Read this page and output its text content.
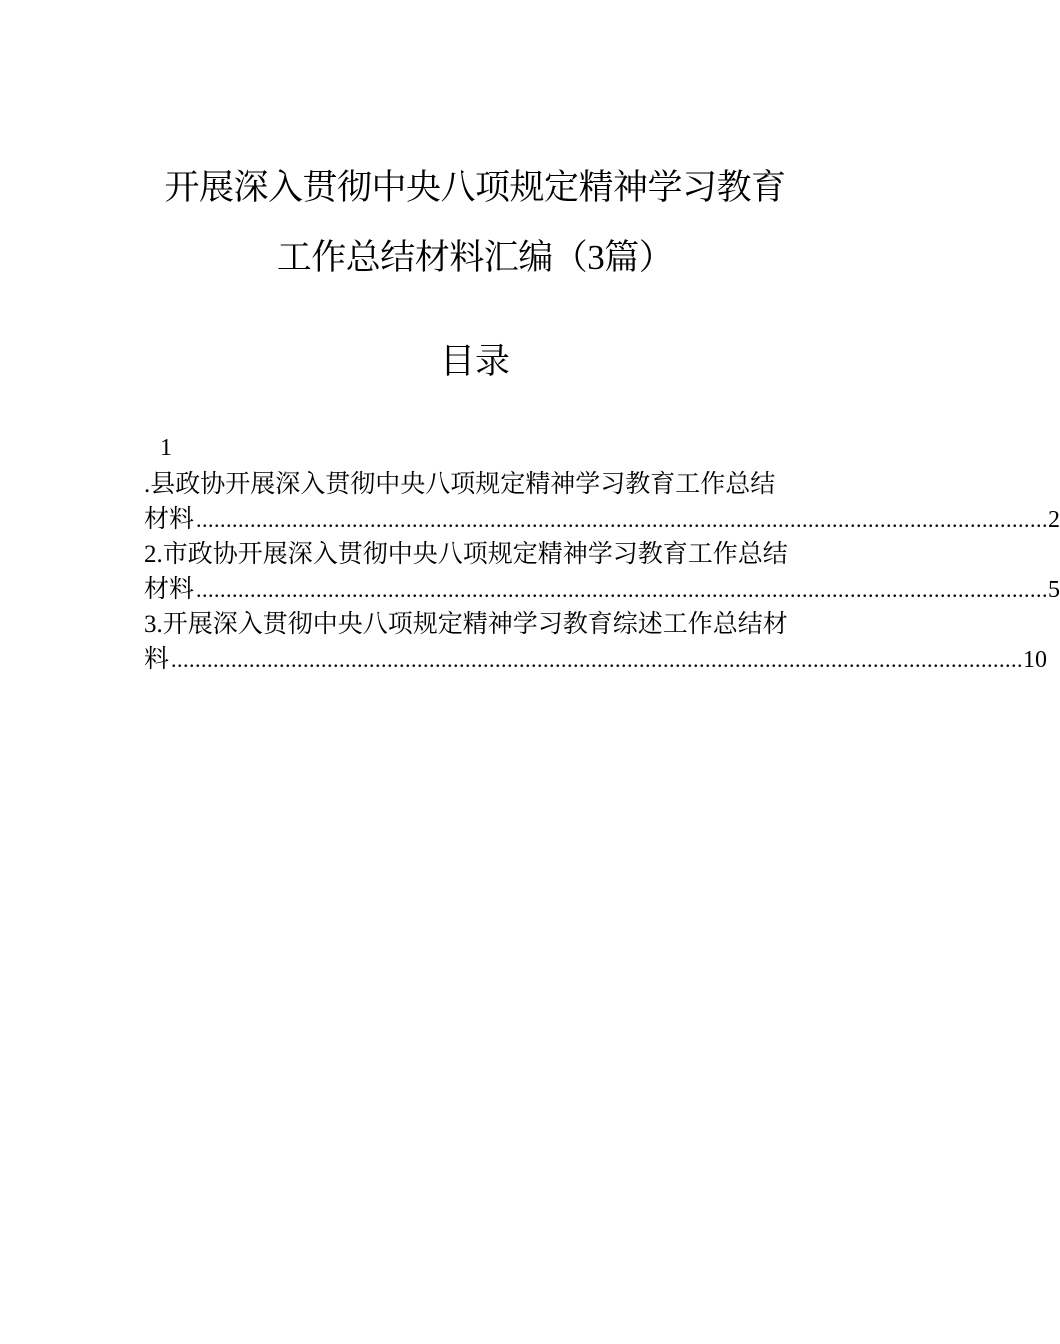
开展深入贯彻中央八项规定精神学习教育
工作总结材料汇编（3篇）
目录
1
.县政协开展深入贯彻中央八项规定精神学习教育工作总结
材料 .............................................................................................................................................. 2
2.市政协开展深入贯彻中央八项规定精神学习教育工作总结
材料 .............................................................................................................................................. 5
3.开展深入贯彻中央八项规定精神学习教育综述工作总结材
料 .............................................................................................................................................. 10
